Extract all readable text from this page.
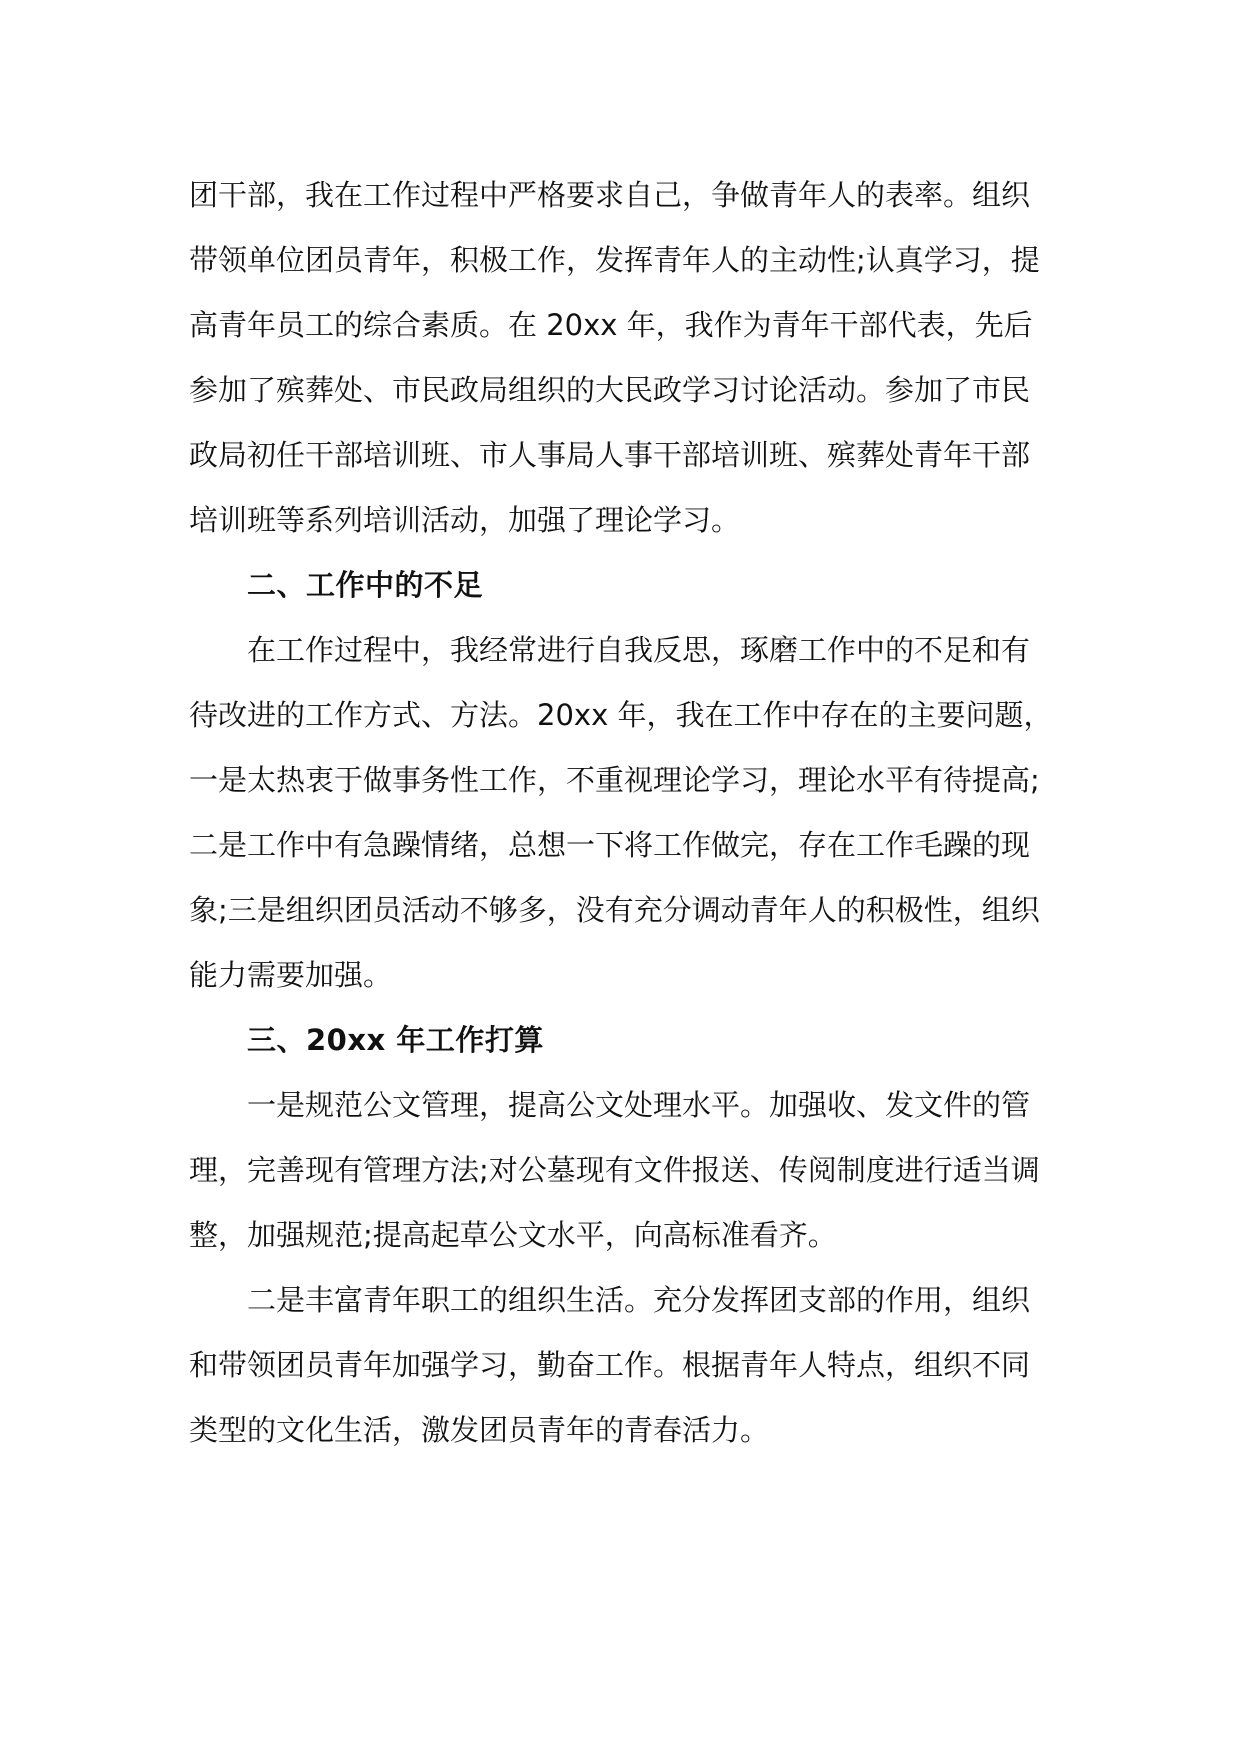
团干部，我在工作过程中严格要求自己，争做青年人的表率。组织
带领单位团员青年，积极工作，发挥青年人的主动性;认真学习，提
高青年员工的综合素质。在 20xx 年，我作为青年干部代表，先后
参加了殡葬处、市民政局组织的大民政学习讨论活动。参加了市民
政局初任干部培训班、市人事局人事干部培训班、殡葬处青年干部
培训班等系列培训活动，加强了理论学习。
二、工作中的不足
在工作过程中，我经常进行自我反思，琢磨工作中的不足和有
待改进的工作方式、方法。20xx 年，我在工作中存在的主要问题，
一是太热衷于做事务性工作，不重视理论学习，理论水平有待提高;
二是工作中有急躁情绪，总想一下将工作做完，存在工作毛躁的现
象;三是组织团员活动不够多，没有充分调动青年人的积极性，组织
能力需要加强。
三、20xx 年工作打算
一是规范公文管理，提高公文处理水平。加强收、发文件的管
理，完善现有管理方法;对公墓现有文件报送、传阅制度进行适当调
整，加强规范;提高起草公文水平，向高标准看齐。
二是丰富青年职工的组织生活。充分发挥团支部的作用，组织
和带领团员青年加强学习，勤奋工作。根据青年人特点，组织不同
类型的文化生活，激发团员青年的青春活力。
